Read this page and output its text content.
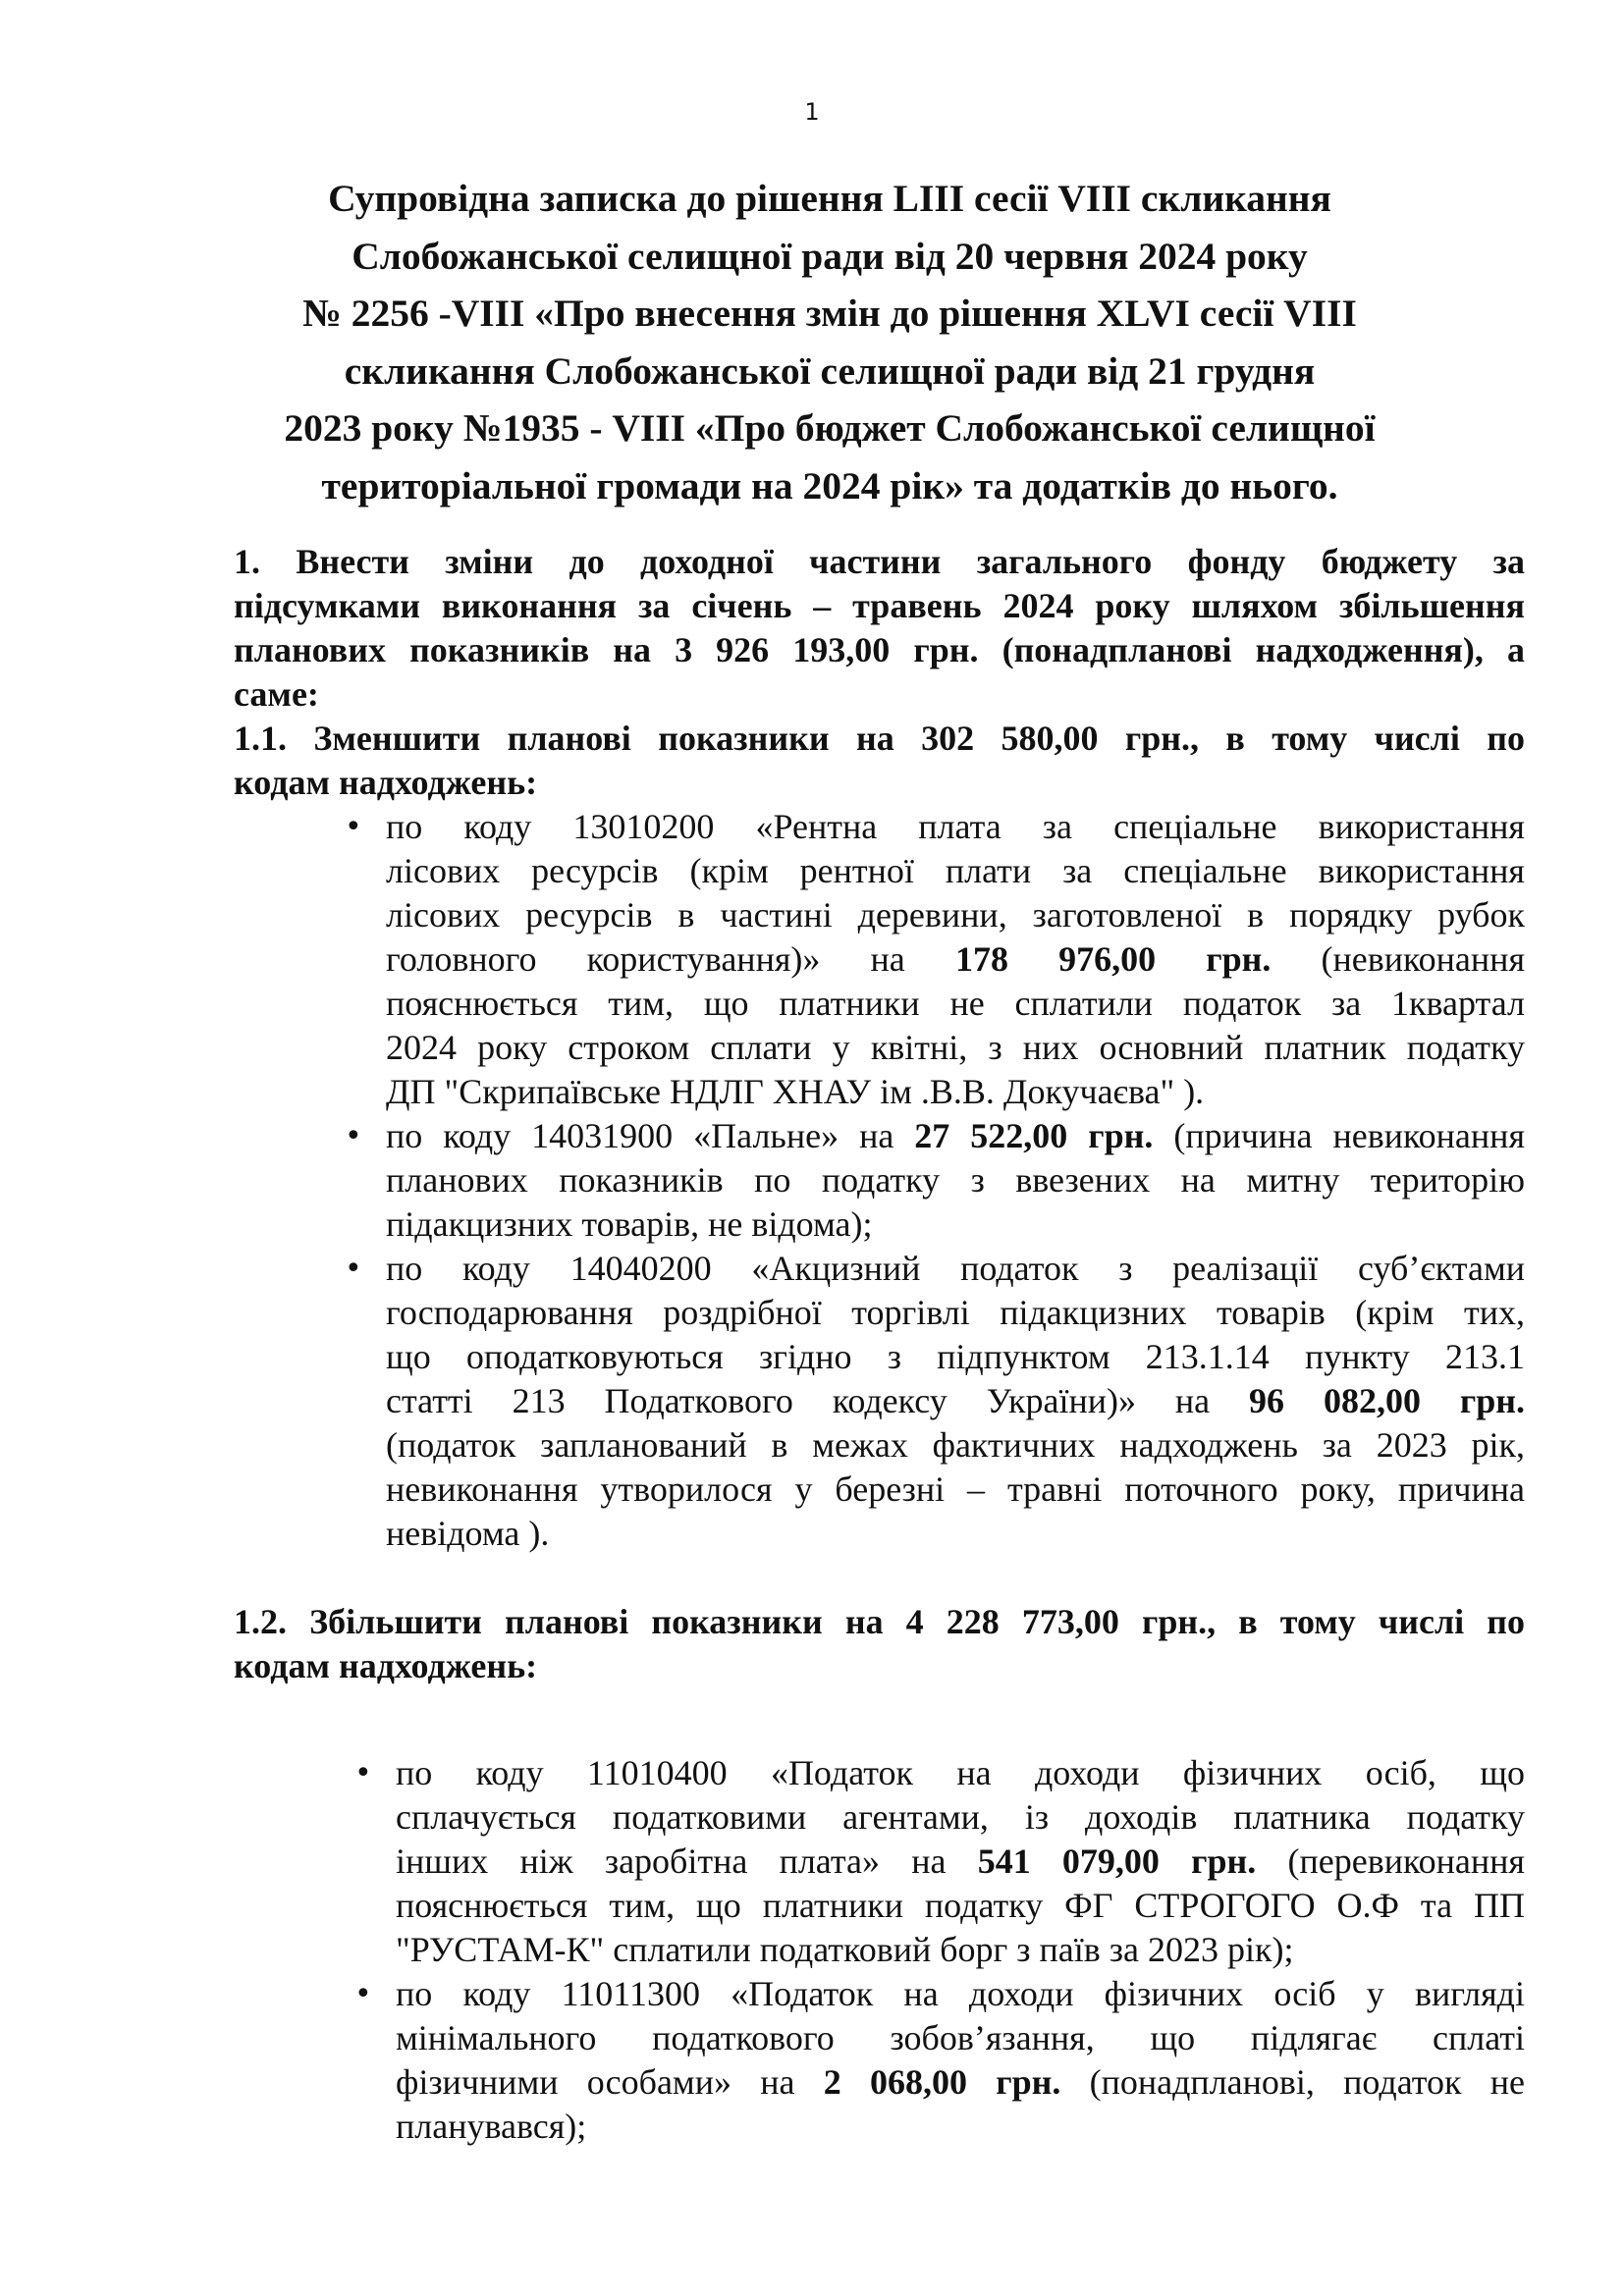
1
Супровідна записка до рішення LIII сесії VIII скликання
Слобожанської селищної ради від 20 червня 2024 року
№ 2256 -VIII «Про внесення змін до рішення XLVI сесії VIII
скликання Слобожанської селищної ради від 21 грудня
2023 року №1935 - VIII «Про бюджет Слобожанської селищної
територіальної громади на 2024 рік» та додатків до нього.
1. Внести зміни до доходної частини загального фонду бюджету за
підсумками виконання за січень – травень 2024 року шляхом збільшення
планових показників на 3 926 193,00 грн. (понадпланові надходження), а
саме:
1.1. Зменшити планові показники на 302 580,00 грн., в тому числі по
кодам надходжень:
• по коду 13010200 «Рентна плата за спеціальне використання
лісових ресурсів (крім рентної плати за спеціальне використання
лісових ресурсів в частині деревини, заготовленої в порядку рубок
головного користування)» на 178 976,00 грн. (невиконання
пояснюється тим, що платники не сплатили податок за 1квартал
2024 року строком сплати у квітні, з них основний платник податку
ДП "Скрипаївське НДЛГ ХНАУ ім .В.В. Докучаєва" ).
• по коду 14031900 «Пальне» на 27 522,00 грн. (причина невиконання
планових показників по податку з ввезених на митну територію
підакцизних товарів, не відома);
• по коду 14040200 «Акцизний податок з реалізації суб’єктами
господарювання роздрібної торгівлі підакцизних товарів (крім тих,
що оподатковуються згідно з підпунктом 213.1.14 пункту 213.1
статті 213 Податкового кодексу України)» на 96 082,00 грн.
(податок запланований в межах фактичних надходжень за 2023 рік,
невиконання утворилося у березні – травні поточного року, причина
невідома ).
1.2. Збільшити планові показники на 4 228 773,00 грн., в тому числі по
кодам надходжень:
• по коду 11010400 «Податок на доходи фізичних осіб, що
сплачується податковими агентами, із доходів платника податку
інших ніж заробітна плата» на 541 079,00 грн. (перевиконання
пояснюється тим, що платники податку ФГ СТРОГОГО О.Ф та ПП
"РУСТАМ-К" сплатили податковий борг з паїв за 2023 рік);
• по коду 11011300 «Податок на доходи фізичних осіб у вигляді
мінімального податкового зобов’язання, що підлягає сплаті
фізичними особами» на 2 068,00 грн. (понадпланові, податок не
планувався);
